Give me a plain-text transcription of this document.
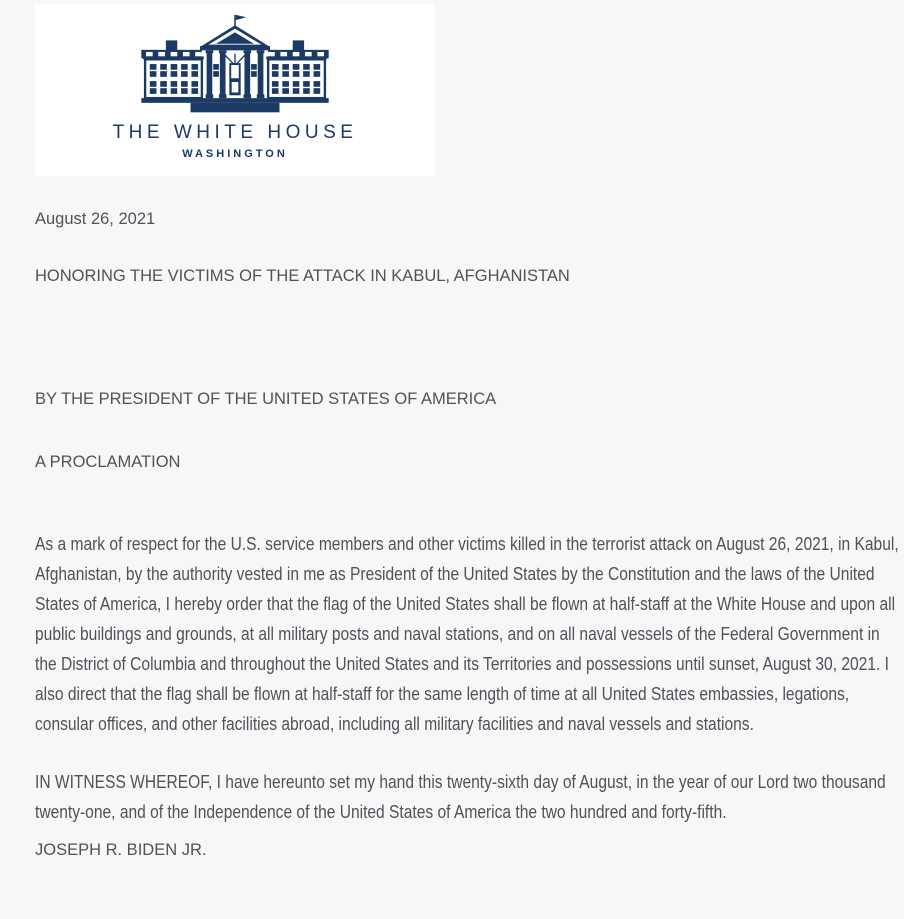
THE WHITE HOUSE
WASHINGTON

August 26, 2021

HONORING THE VICTIMS OF THE ATTACK IN KABUL, AFGHANISTAN

BY THE PRESIDENT OF THE UNITED STATES OF AMERICA

A PROCLAMATION

As a mark of respect for the U.S. service members and other victims killed in the terrorist attack on August 26, 2021, in Kabul, Afghanistan, by the authority vested in me as President of the United States by the Constitution and the laws of the United States of America, I hereby order that the flag of the United States shall be flown at half-staff at the White House and upon all public buildings and grounds, at all military posts and naval stations, and on all naval vessels of the Federal Government in the District of Columbia and throughout the United States and its Territories and possessions until sunset, August 30, 2021. I also direct that the flag shall be flown at half-staff for the same length of time at all United States embassies, legations, consular offices, and other facilities abroad, including all military facilities and naval vessels and stations.

IN WITNESS WHEREOF, I have hereunto set my hand this twenty-sixth day of August, in the year of our Lord two thousand twenty-one, and of the Independence of the United States of America the two hundred and forty-fifth.

JOSEPH R. BIDEN JR.
